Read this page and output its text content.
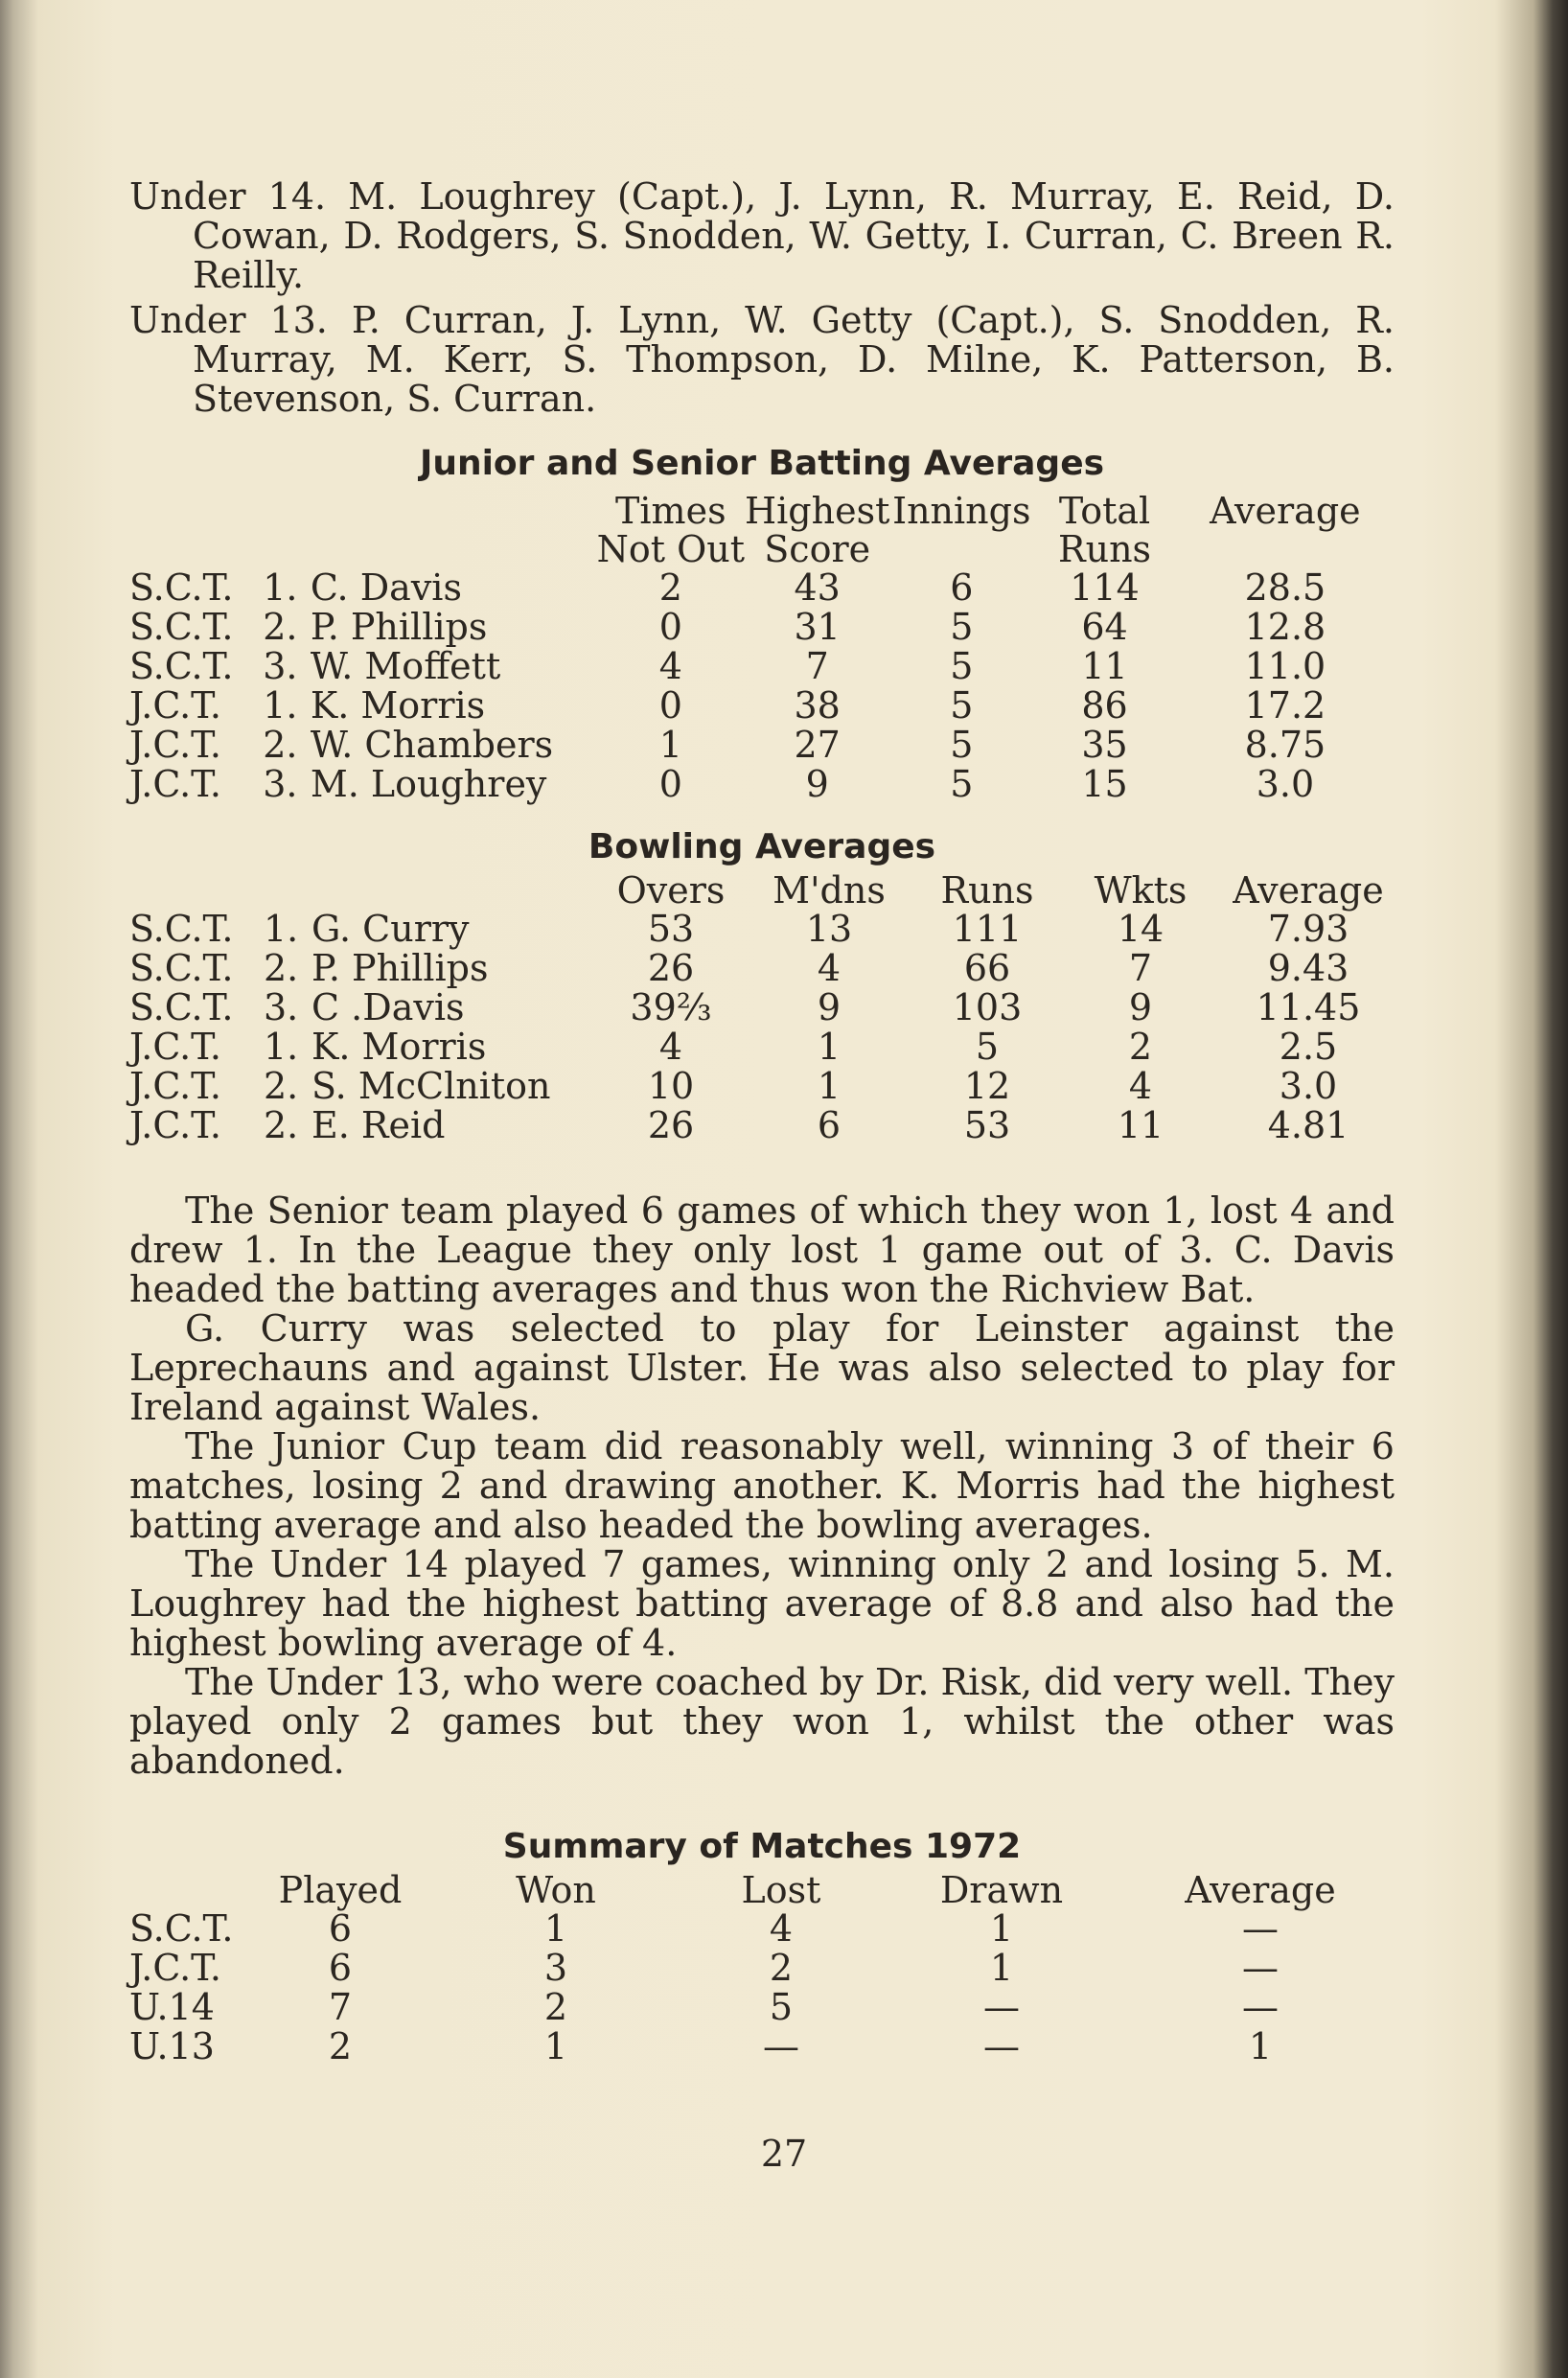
Under 14. M. Loughrey (Capt.), J. Lynn, R. Murray, E. Reid, D. Cowan, D. Rodgers, S. Snodden, W. Getty, I. Curran, C. Breen R. Reilly.

Under 13. P. Curran, J. Lynn, W. Getty (Capt.), S. Snodden, R. Murray, M. Kerr, S. Thompson, D. Milne, K. Patterson, B. Stevenson, S. Curran.

Junior and Senior Batting Averages
			Times	Highest	Innings	Total	Average
			Not Out	Score		Runs	
S.C.T.	1.	C. Davis	2	43	6	114	28.5
S.C.T.	2.	P. Phillips	0	31	5	64	12.8
S.C.T.	3.	W. Moffett	4	7	5	11	11.0
J.C.T.	1.	K. Morris	0	38	5	86	17.2
J.C.T.	2.	W. Chambers	1	27	5	35	8.75
J.C.T.	3.	M. Loughrey	0	9	5	15	3.0
Bowling Averages
			Overs	M'dns	Runs	Wkts	Average
S.C.T.	1.	G. Curry	53	13	111	14	7.93
S.C.T.	2.	P. Phillips	26	4	66	7	9.43
S.C.T.	3.	C .Davis	39⅔	9	103	9	11.45
J.C.T.	1.	K. Morris	4	1	5	2	2.5
J.C.T.	2.	S. McClniton	10	1	12	4	3.0
J.C.T.	2.	E. Reid	26	6	53	11	4.81

The Senior team played 6 games of which they won 1, lost 4 and drew 1. In the League they only lost 1 game out of 3. C. Davis headed the batting averages and thus won the Richview Bat.

G. Curry was selected to play for Leinster against the Leprechauns and against Ulster. He was also selected to play for Ireland against Wales.

The Junior Cup team did reasonably well, winning 3 of their 6 matches, losing 2 and drawing another. K. Morris had the highest batting average and also headed the bowling averages.

The Under 14 played 7 games, winning only 2 and losing 5. M. Loughrey had the highest batting average of 8.8 and also had the highest bowling average of 4.

The Under 13, who were coached by Dr. Risk, did very well. They played only 2 games but they won 1, whilst the other was abandoned.

Summary of Matches 1972
	Played	Won	Lost	Drawn	Average
S.C.T.	6	1	4	1	—
J.C.T.	6	3	2	1	—
U.14	7	2	5	—	—
U.13	2	1	—	—	1
27
